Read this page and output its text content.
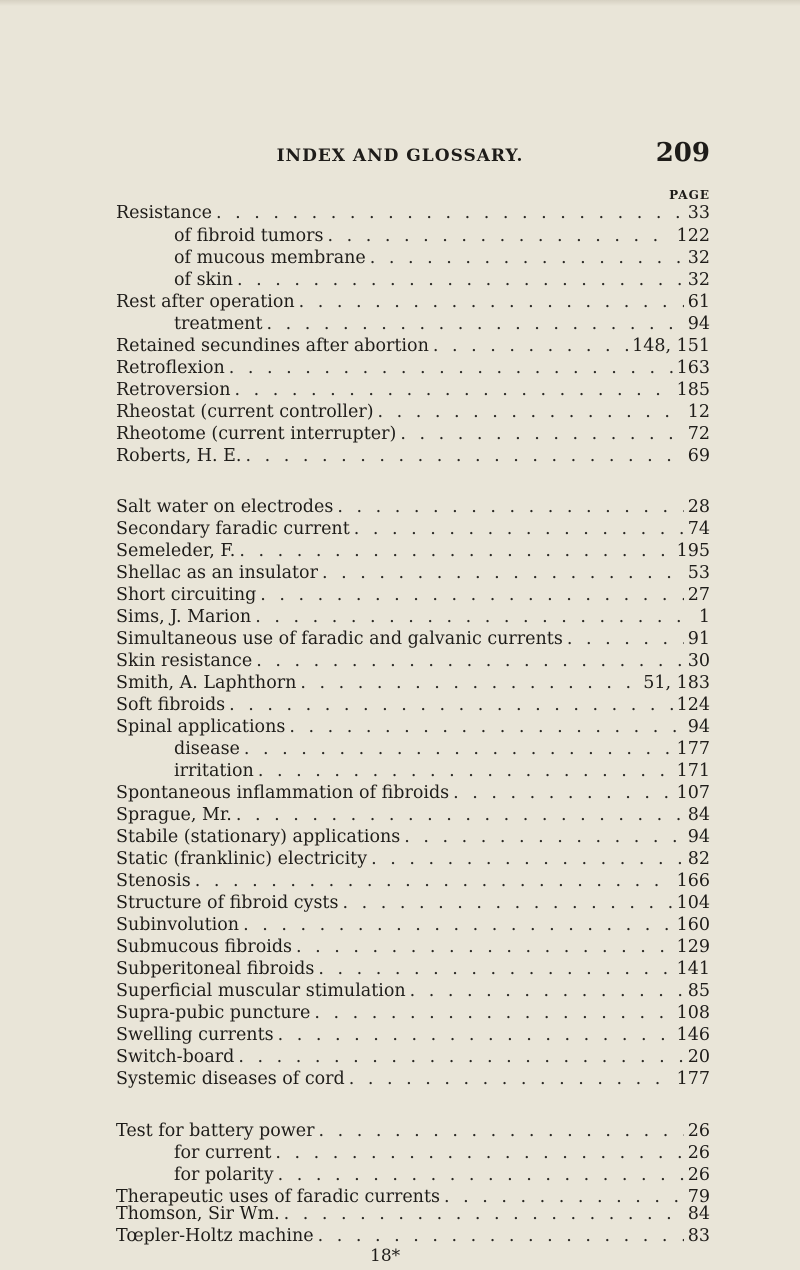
INDEX AND GLOSSARY.	209
PAGE
Resistance . . .	33
of fibroid tumors . . .	122
of mucous membrane . . .	32
of skin . . .	32
Rest after operation . . .	61
treatment . . .	94
Retained secundines after abortion . . .	148, 151
Retroflexion . . .	163
Retroversion . . .	185
Rheostat (current controller) . . .	12
Rheotome (current interrupter) . . .	72
Roberts, H. E. . . .	69
Salt water on electrodes . . .	28
Secondary faradic current . . .	74
Semeleder, F. . . .	195
Shellac as an insulator . . .	53
Short circuiting . . .	27
Sims, J. Marion . . .	1
Simultaneous use of faradic and galvanic currents . . .	91
Skin resistance . . .	30
Smith, A. Laphthorn . . .	51, 183
Soft fibroids . . .	124
Spinal applications . . .	94
disease . . .	177
irritation . . .	171
Spontaneous inflammation of fibroids . . .	107
Sprague, Mr. . . .	84
Stabile (stationary) applications . . .	94
Static (franklinic) electricity . . .	82
Stenosis . . .	166
Structure of fibroid cysts . . .	104
Subinvolution . . .	160
Submucous fibroids . . .	129
Subperitoneal fibroids . . .	141
Superficial muscular stimulation . . .	85
Supra-pubic puncture . . .	108
Swelling currents . . .	146
Switch-board . . .	20
Systemic diseases of cord . . .	177
Test for battery power . . .	26
for current . . .	26
for polarity . . .	26
Therapeutic uses of faradic currents . . .	79
Thomson, Sir Wm. . . .	84
Tœpler-Holtz machine . . .	83
18*
